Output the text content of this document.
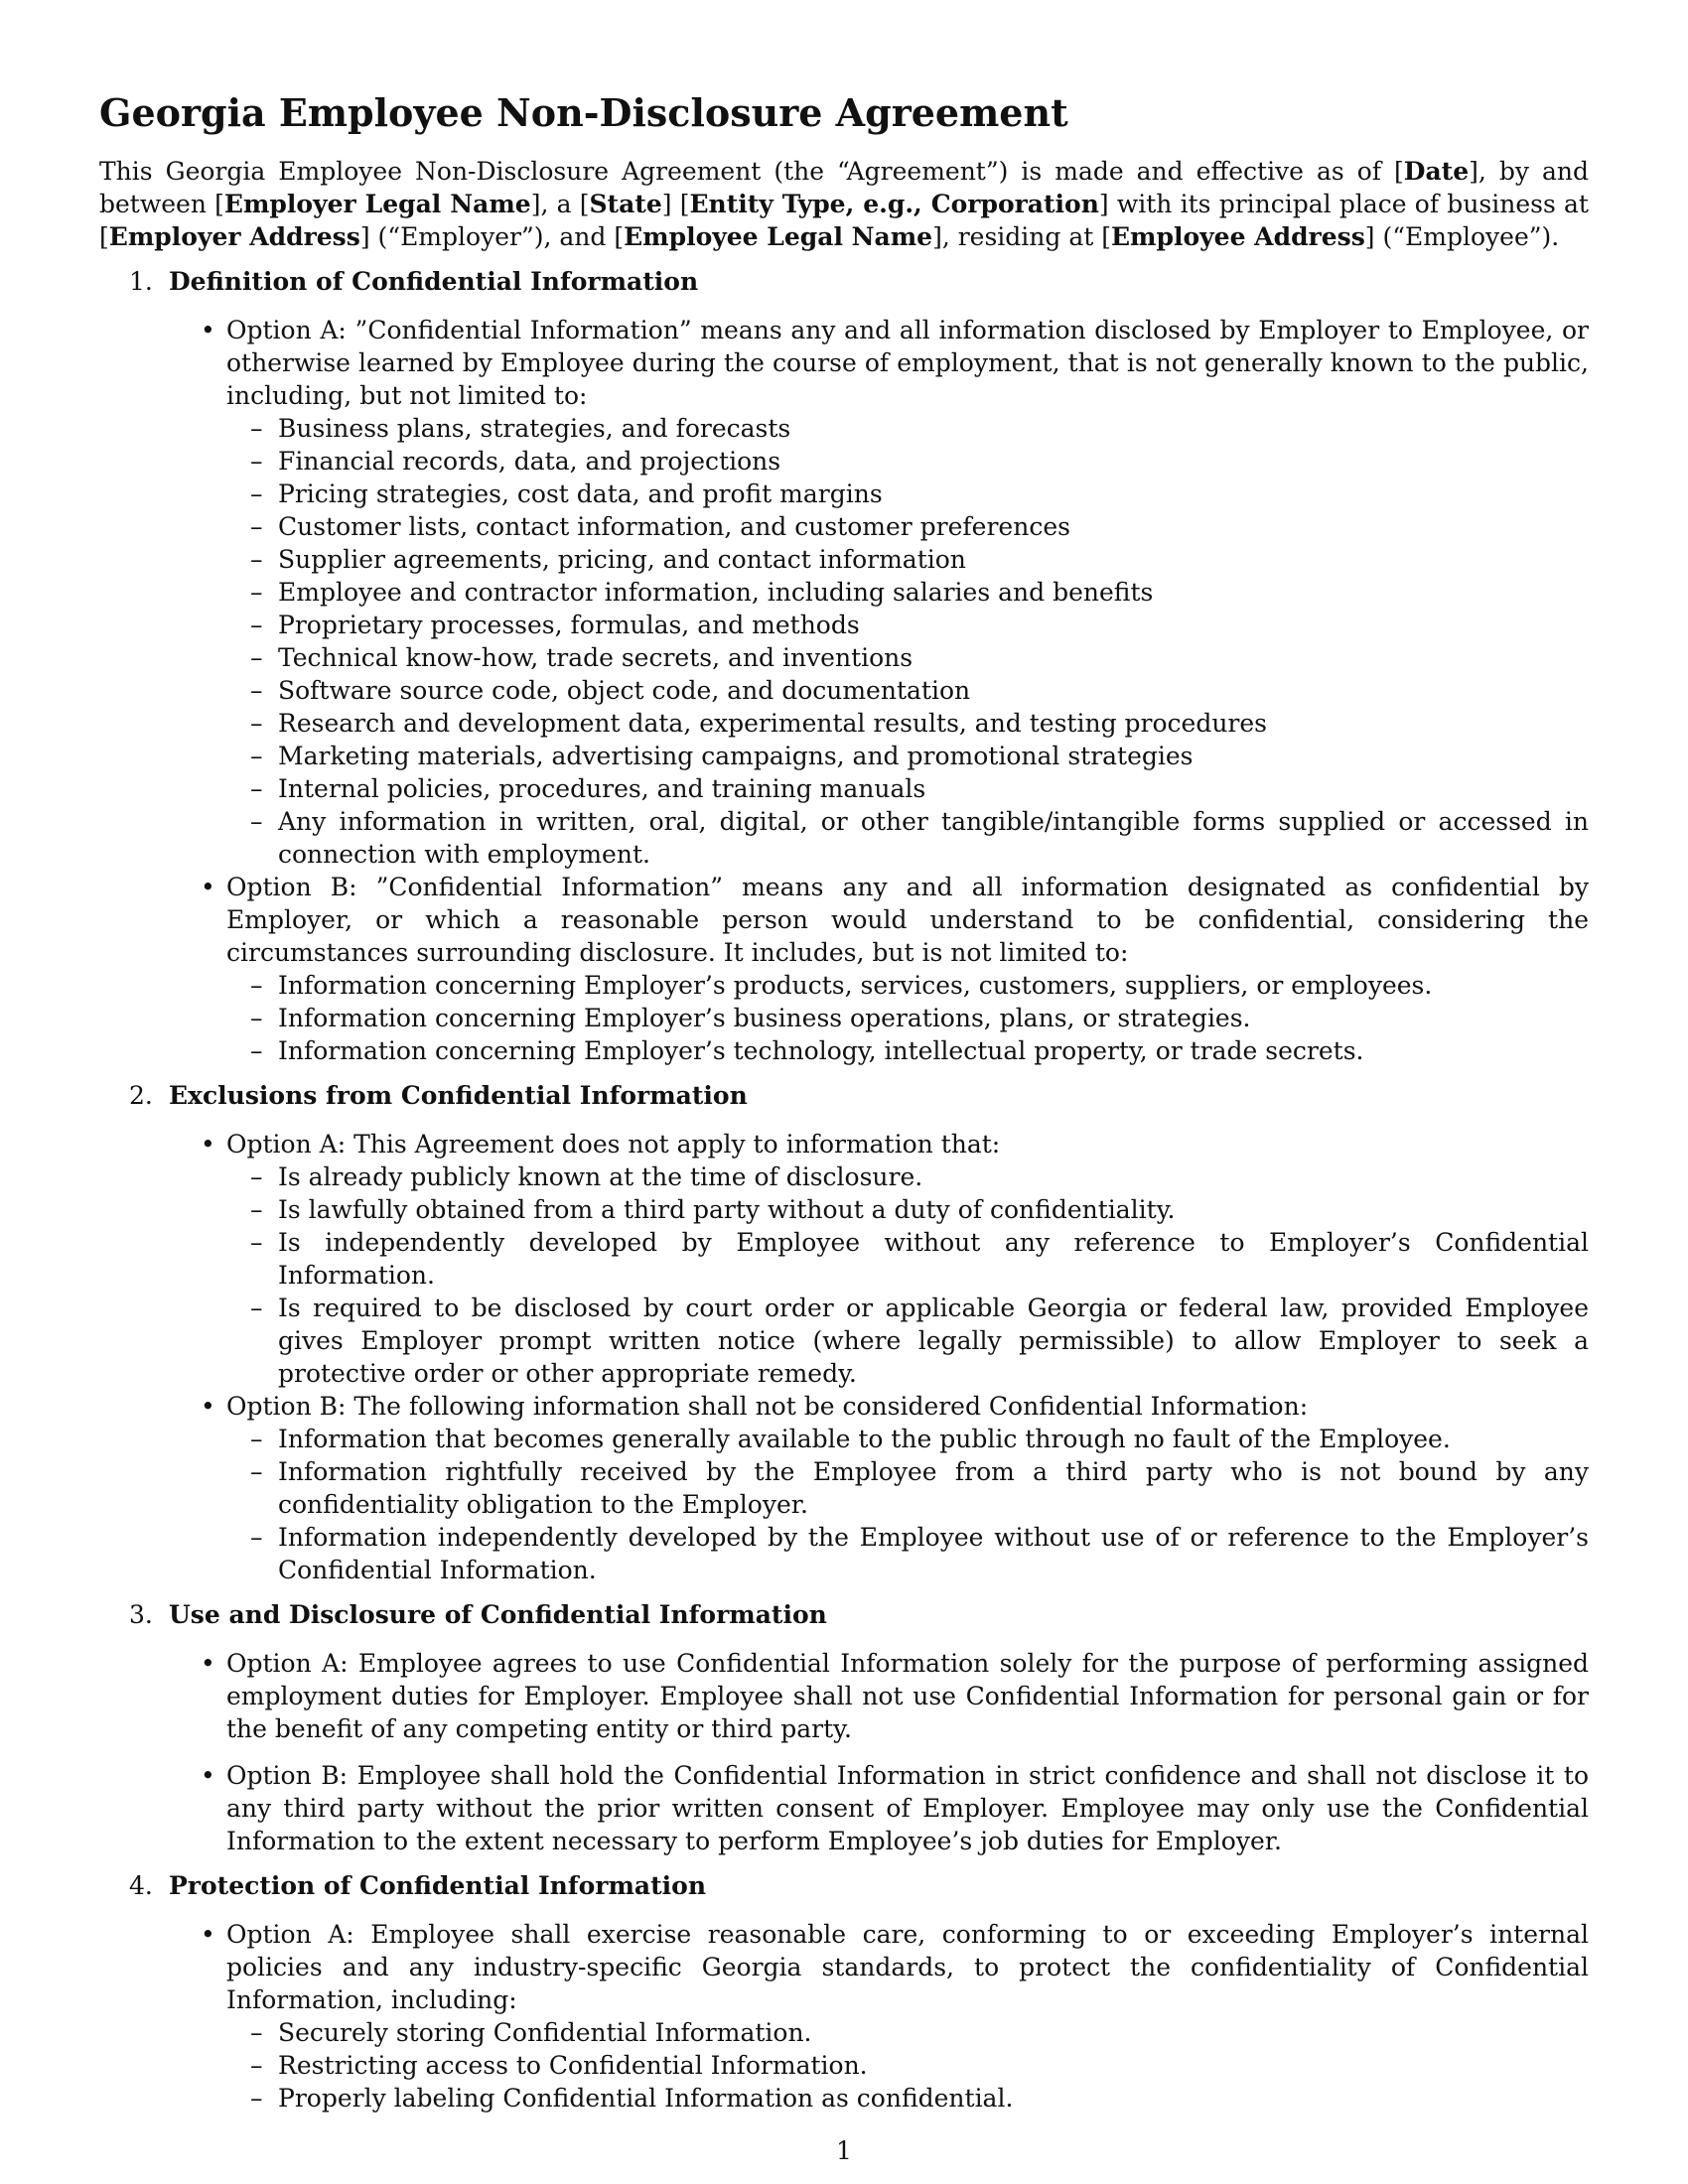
Georgia Employee Non-Disclosure Agreement

This Georgia Employee Non-Disclosure Agreement (the “Agreement”) is made and effective as of [Date], by and between [Employer Legal Name], a [State] [Entity Type, e.g., Corporation] with its principal place of business at [Employer Address] (“Employer”), and [Employee Legal Name], residing at [Employee Address] (“Employee”).

1. Definition of Confidential Information
• Option A: ”Confidential Information” means any and all information disclosed by Employer to Employee, or otherwise learned by Employee during the course of employment, that is not generally known to the public, including, but not limited to:
– Business plans, strategies, and forecasts
– Financial records, data, and projections
– Pricing strategies, cost data, and profit margins
– Customer lists, contact information, and customer preferences
– Supplier agreements, pricing, and contact information
– Employee and contractor information, including salaries and benefits
– Proprietary processes, formulas, and methods
– Technical know-how, trade secrets, and inventions
– Software source code, object code, and documentation
– Research and development data, experimental results, and testing procedures
– Marketing materials, advertising campaigns, and promotional strategies
– Internal policies, procedures, and training manuals
– Any information in written, oral, digital, or other tangible/intangible forms supplied or accessed in connection with employment.
• Option B: ”Confidential Information” means any and all information designated as confidential by Employer, or which a reasonable person would understand to be confidential, considering the circumstances surrounding disclosure. It includes, but is not limited to:
– Information concerning Employer’s products, services, customers, suppliers, or employees.
– Information concerning Employer’s business operations, plans, or strategies.
– Information concerning Employer’s technology, intellectual property, or trade secrets.
2. Exclusions from Confidential Information
• Option A: This Agreement does not apply to information that:
– Is already publicly known at the time of disclosure.
– Is lawfully obtained from a third party without a duty of confidentiality.
– Is independently developed by Employee without any reference to Employer’s Confidential Information.
– Is required to be disclosed by court order or applicable Georgia or federal law, provided Employee gives Employer prompt written notice (where legally permissible) to allow Employer to seek a protective order or other appropriate remedy.
• Option B: The following information shall not be considered Confidential Information:
– Information that becomes generally available to the public through no fault of the Employee.
– Information rightfully received by the Employee from a third party who is not bound by any confidentiality obligation to the Employer.
– Information independently developed by the Employee without use of or reference to the Employer’s Confidential Information.
3. Use and Disclosure of Confidential Information
• Option A: Employee agrees to use Confidential Information solely for the purpose of performing assigned employment duties for Employer. Employee shall not use Confidential Information for personal gain or for the benefit of any competing entity or third party.
• Option B: Employee shall hold the Confidential Information in strict confidence and shall not disclose it to any third party without the prior written consent of Employer. Employee may only use the Confidential Information to the extent necessary to perform Employee’s job duties for Employer.
4. Protection of Confidential Information
• Option A: Employee shall exercise reasonable care, conforming to or exceeding Employer’s internal policies and any industry-specific Georgia standards, to protect the confidentiality of Confidential Information, including:
– Securely storing Confidential Information.
– Restricting access to Confidential Information.
– Properly labeling Confidential Information as confidential.
1
